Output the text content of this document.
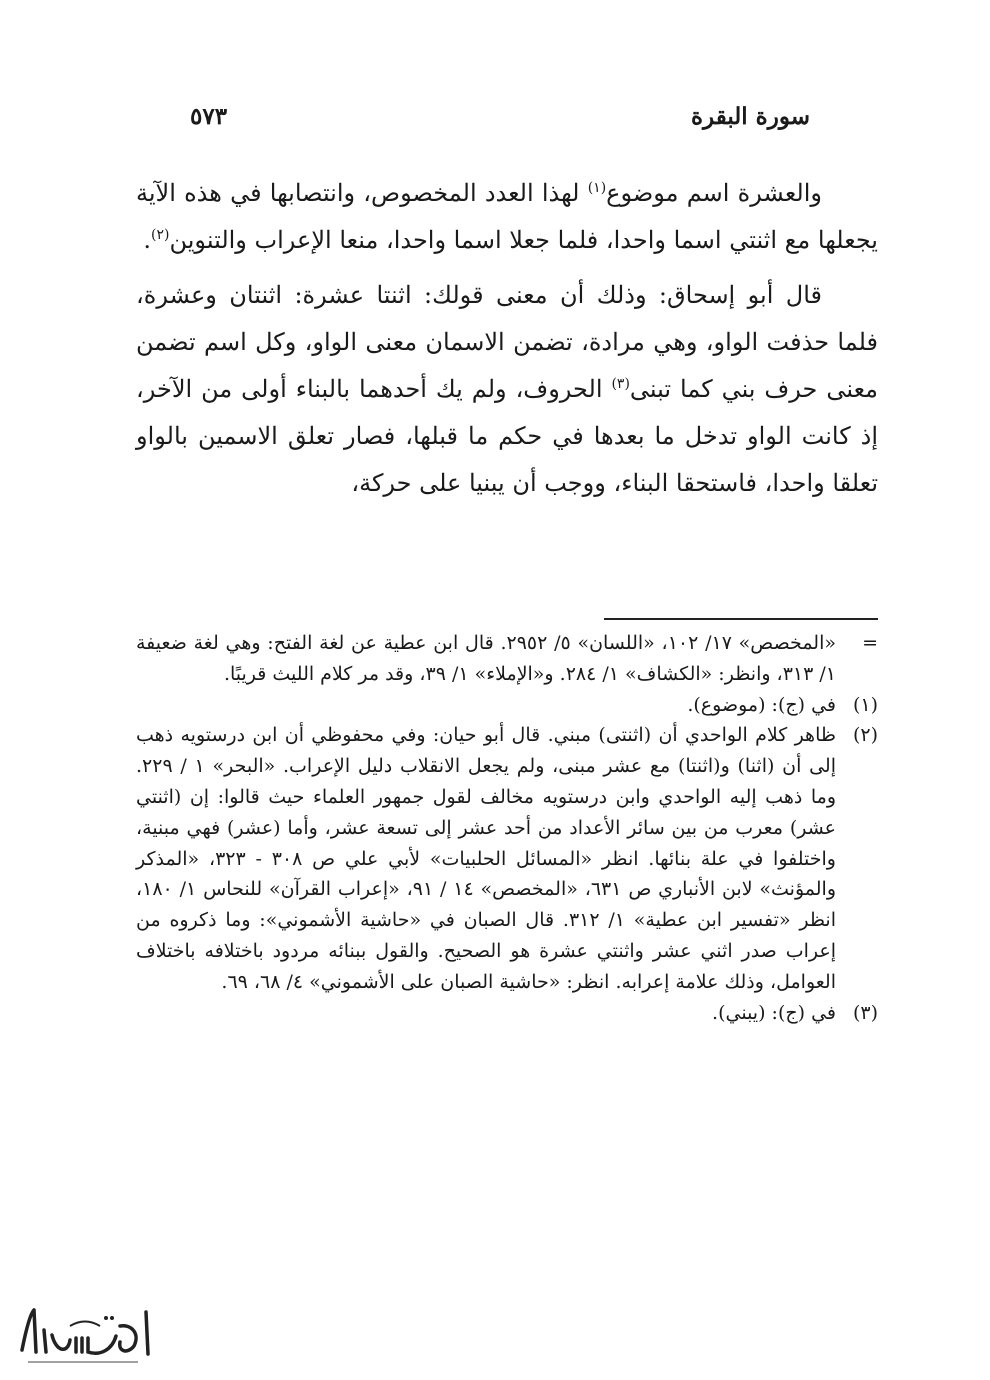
سورة البقرة
٥٧٣

والعشرة اسم موضوع$^{(١)}$ لهذا العدد المخصوص، وانتصابها في هذه الآية يجعلها مع اثنتي اسما واحدا، فلما جعلا اسما واحدا، منعا الإعراب والتنوين$^{(٢)}$.

قال أبو إسحاق: وذلك أن معنى قولك: اثنتا عشرة: اثنتان وعشرة، فلما حذفت الواو، وهي مرادة، تضمن الاسمان معنى الواو، وكل اسم تضمن معنى حرف بني كما تبنى$^{(٣)}$ الحروف، ولم يك أحدهما بالبناء أولى من الآخر، إذ كانت الواو تدخل ما بعدها في حكم ما قبلها، فصار تعلق الاسمين بالواو تعلقا واحدا، فاستحقا البناء، ووجب أن يبنيا على حركة،

=
«المخصص» ١٧/ ١٠٢، «اللسان» ٥/ ٢٩٥٢. قال ابن عطية عن لغة الفتح: وهي لغة ضعيفة ١/ ٣١٣، وانظر: «الكشاف» ١/ ٢٨٤. و«الإملاء» ١/ ٣٩، وقد مر كلام الليث قريبًا.
(١)
في (ج): (موضوع).
(٢)
ظاهر كلام الواحدي أن (اثنتى) مبني. قال أبو حيان: وفي محفوظي أن ابن درستويه ذهب إلى أن (اثنا) و(اثنتا) مع عشر مبنى، ولم يجعل الانقلاب دليل الإعراب. «البحر» ١ / ٢٢٩. وما ذهب إليه الواحدي وابن درستويه مخالف لقول جمهور العلماء حيث قالوا: إن (اثنتي عشر) معرب من بين سائر الأعداد من أحد عشر إلى تسعة عشر، وأما (عشر) فهي مبنية، واختلفوا في علة بنائها. انظر «المسائل الحلبيات» لأبي علي ص ٣٠٨ - ٣٢٣، «المذكر والمؤنث» لابن الأنباري ص ٦٣١، «المخصص» ١٤ / ٩١، «إعراب القرآن» للنحاس ١/ ١٨٠، انظر «تفسير ابن عطية» ١/ ٣١٢. قال الصبان في «حاشية الأشموني»: وما ذكروه من إعراب صدر اثني عشر واثنتي عشرة هو الصحيح. والقول ببنائه مردود باختلافه باختلاف العوامل، وذلك علامة إعرابه. انظر: «حاشية الصبان على الأشموني» ٤/ ٦٨، ٦٩.
(٣)
في (ج): (يبني).
